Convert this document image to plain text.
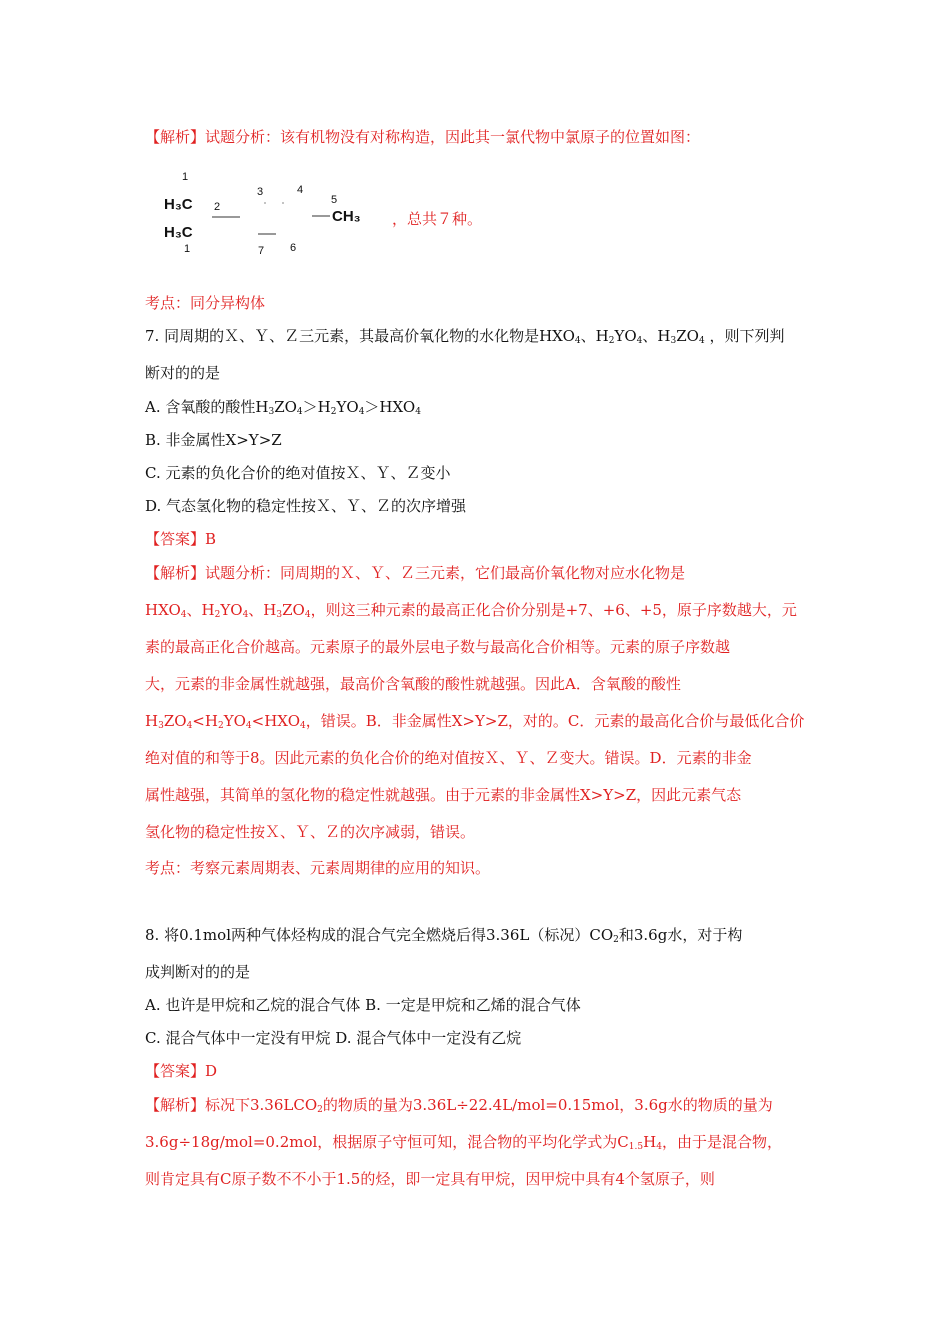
【解析】试题分析：该有机物没有对称构造，因此其一氯代物中氯原子的位置如图：
1
H₃C
H₃C
1
2
3	4
5
CH₃
7 6
，总共７种。
考点：同分异构体
7. 同周期的Ｘ、Ｙ、Ｚ三元素，其最高价氧化物的水化物是$HXO_4$、$H_2YO_4$、$H_3ZO_4$ ，则下列判
断对的的是
A. 含氧酸的酸性$H_3ZO_4>H_2YO_4>HXO_4$
B. 非金属性X>Y>Z
C. 元素的负化合价的绝对值按Ｘ、Ｙ、Ｚ变小
D. 气态氢化物的稳定性按Ｘ、Ｙ、Ｚ的次序增强
【答案】B
【解析】试题分析：同周期的Ｘ、Ｙ、Ｚ三元素，它们最高价氧化物对应水化物是
$HXO_4$、$H_2YO_4$、$H_3ZO_4$，则这三种元素的最高正化合价分别是+7、+6、+5，原子序数越大，元
素的最高正化合价越高。元素原子的最外层电子数与最高化合价相等。元素的原子序数越
大，元素的非金属性就越强，最高价含氧酸的酸性就越强。因此A．含氧酸的酸性
$H_3ZO_4<H_2YO_4<HXO_4$，错误。B．非金属性X>Y>Z，对的。C．元素的最高化合价与最低化合价
绝对值的和等于8。因此元素的负化合价的绝对值按Ｘ、Ｙ、Ｚ变大。错误。D．元素的非金
属性越强，其简单的氢化物的稳定性就越强。由于元素的非金属性X>Y>Z，因此元素气态
氢化物的稳定性按Ｘ、Ｙ、Ｚ的次序减弱，错误。
考点：考察元素周期表、元素周期律的应用的知识。
8. 将0.1mol两种气体烃构成的混合气完全燃烧后得3.36L（标况）$CO_2$和3.6g水，对于构
成判断对的的是
A. 也许是甲烷和乙烷的混合气体 B. 一定是甲烷和乙烯的混合气体
C. 混合气体中一定没有甲烷 D. 混合气体中一定没有乙烷
【答案】D
【解析】标况下$3.36LCO_2$的物质的量为3.36L÷22.4L/mol=0.15mol，3.6g水的物质的量为
3.6g÷18g/mol=0.2mol，根据原子守恒可知，混合物的平均化学式为$C_{1.5}H_4$，由于是混合物，
则肯定具有C原子数不不小于1.5的烃，即一定具有甲烷，因甲烷中具有4个氢原子，则
